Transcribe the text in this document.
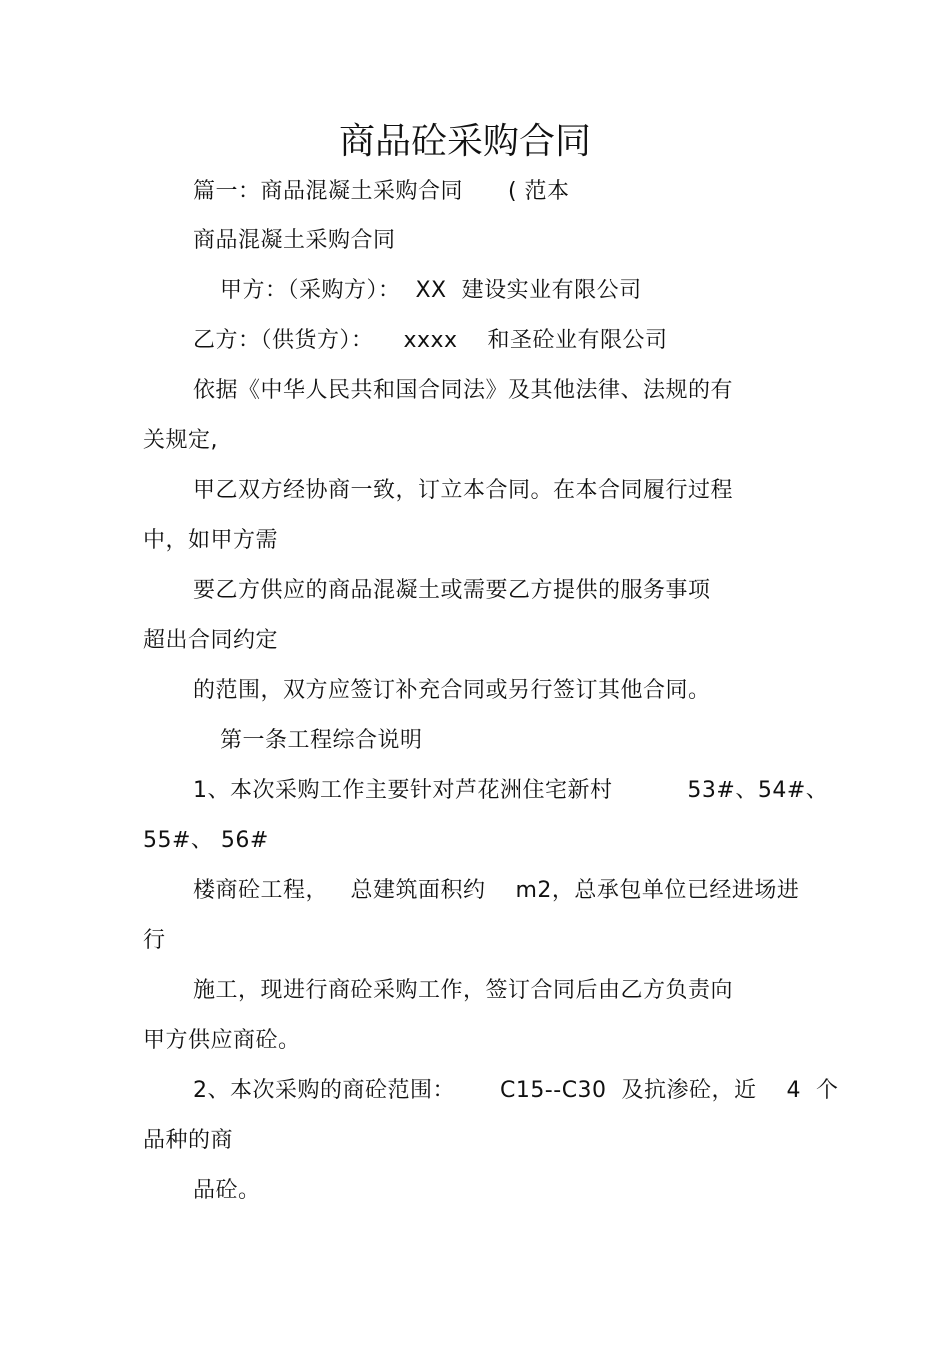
商品砼采购合同
篇一：商品混凝土采购合同      ( 范本
商品混凝土采购合同
甲方：（采购方）：  XX  建设实业有限公司
乙方：（供货方）：    xxxx    和圣砼业有限公司
依据《中华人民共和国合同法》及其他法律、法规的有
关规定,
甲乙双方经协商一致，订立本合同。在本合同履行过程
中，如甲方需
要乙方供应的商品混凝土或需要乙方提供的服务事项
超出合同约定
的范围，双方应签订补充合同或另行签订其他合同。
第一条工程综合说明
1、本次采购工作主要针对芦花洲住宅新村          53#、54#、
55#、 56#
楼商砼工程，   总建筑面积约    m2，总承包单位已经进场进
行
施工，现进行商砼采购工作，签订合同后由乙方负责向
甲方供应商砼。
2、本次采购的商砼范围：      C15--C30  及抗渗砼，近    4  个
品种的商
品砼。
